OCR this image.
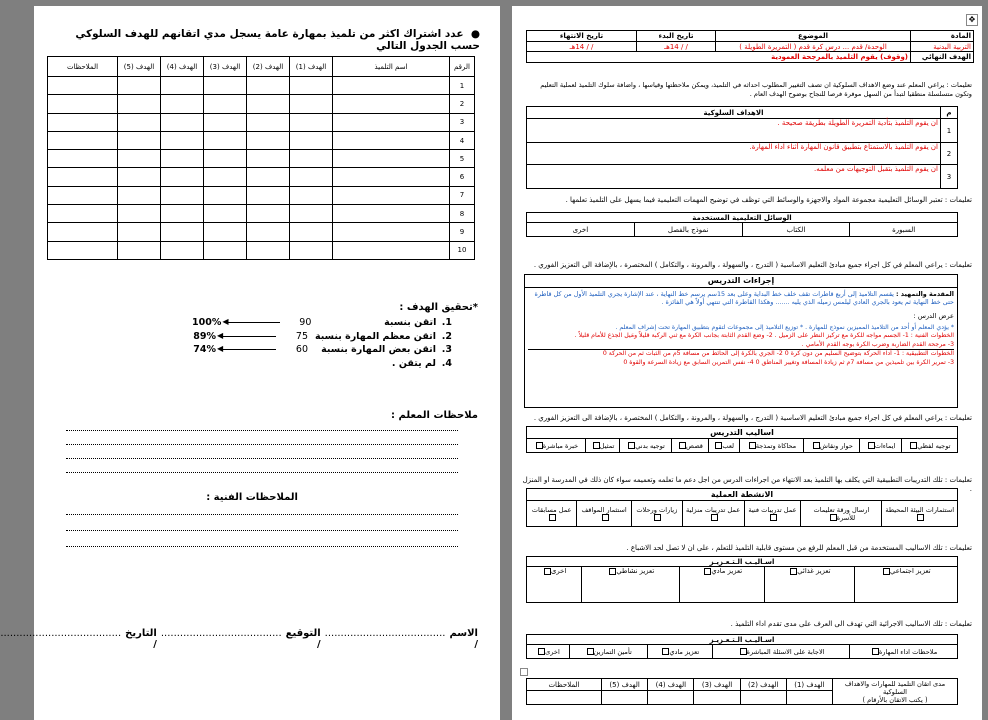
●  عدد اشتراك اكثر من تلميذ بمهارة عامة يسجل مدي اتقانهم للهدف السلوكي حسب الجدول التالي
الرقم	اسم التلميذ	الهدف (1)	الهدف (2)	الهدف (3)	الهدف (4)	الهدف (5)	الملاحظات
1							
2							
3							
4							
5							
6							
7							
8							
9							
10							
*تحقيق الهدف :
1.
اتقن بنسبة
90
◀
100%
2.
اتقن معظم المهارة بنسبة
75
◀
89%
3.
اتقن بعض المهارة بنسبة
60
◀
74%
4.
لم يتقن .
ملاحظات المعلم :
الملاحظات الفنية :
الاسم /
......................................
التوقيع /
......................................
التاريخ /
......................................
✥
المادة	الموضوع	تاريخ البدء	تاريخ الانتهاء
التربية البدنية	الوحدة/ قدم ... درس كرة قدم ( التمريرة الطويلة )	/ / 14هـ	/ / 14هـ
الهدف النهائي	(وقوف) يقوم التلميذ بالمرجحة العمودية		
تعليمات : يراعي المعلم عند وضع الاهداف السلوكية ان تصف التغيير المطلوب احداثه في التلميذ، ويمكن ملاحظتها وقياسها ، واضافة سلوك التلميذ لعملية التعليم وتكون متسلسلة منطقيا لتبدأ من السهل موفرة فرصا للنجاح بوضوح الهدف العام .
م	الاهداف السلوكية
1	ان يقوم التلميذ بتأدية التمريرة الطويلة بطريقة صحيحة .
2	ان يقوم التلميذ بالاستمتاع بتطبيق قانون المهارة أثناء اداء المهارة.
3	ان يقوم التلميذ بتقبل التوجيهات من معلمه.
تعليمات : تعتبر الوسائل التعليمية مجموعة المواد والاجهزة والوسائط التي توظف في توضيح المهمات التعليمية فيما يسهل على التلميذ تعلمها .
الوسائل التعليمية المستخدمة
السبورة	الكتاب	نموذج بالفصل	اخرى
تعليمات : يراعي المعلم في كل اجراء جميع مبادئ التعليم الاساسية ( التدرج ، والسهولة ، والمرونة ، والتكامل ) المختصرة ، بالإضافة الى التعزيز الفوري .
إجراءات التدريس
المقدمة والتمهيد : يقسم التلاميذ إلى أربع قاطرات تقف خلف خط البداية وعلى بعد 15سم يرسم خط النهاية ، عند الإشارة يجري التلميذ الأول من كل قاطرة حتى خط النهاية ثم يعود بالجري العادي ليلمس زميله الذي يليه ....... وهكذا القاطرة التي تنتهي أولاً هي الفائزة .
عرض الدرس :
* يؤدي المعلم أو أحد من التلاميذ المميزين نموذج للمهارة . * توزيع التلاميذ إلى مجموعات لتقوم بتطبيق المهارة تحت إشراف المعلم .
الخطوات الفنية : 1- الجسم مواجه للكرة مع تركيز النظر على الزميل . 2- وضع القدم الثابتة بجانب الكرة مع ثني الركبة قليلاً ومَيل الجذع للأمام قليلاً .
3- مرجحة القدم الضاربة وضرب الكرة بوجه القدم الأمامي .
الخطوات التطبيقية : 1- أداء الحركة بتوضيح السليم من دون كرة 0 2- الجري بالكرة إلى الحائط من مسافة 5م من الثبات ثم من الحركة 0
3- تمرير الكرة بين تلميذين من مسافة 7م ثم زيادة المسافة وتغيير المناطق 0 4- نفس التمرين السابق مع زيادة السرعة والقوة 0
تعليمات : يراعي المعلم في كل اجراء جميع مبادئ التعليم الاساسية ( التدرج ، والسهولة ، والمرونة ، والتكامل ) المختصرة ، بالإضافة الى التعزيز الفوري .
اساليب التدريس
توجيه لفظي	ايماءات	حوار ونقاش	محاكاة وتمذجة	لعب	قصص	توجيه بدني	تمثيل	خبرة مباشرة
تعليمات : تلك التدريبات التطبيقية التي يكلف بها التلميذ بعد الانتهاء من اجراءات الدرس من اجل دعم ما تعلمه وتعميمه سواء كان ذلك في المدرسة او المنزل .
الانشطة العملية
استثمارات البيئة المحيطة	ارسال ورقة تعليمات للأسرة	عمل تدريبات فنية	عمل تدريبات منزلية	زيارات ورحلات	استثمار المواقف	عمل مسابقات
تعليمات : تلك الاساليب المستخدمة من قبل المعلم للرفع من مستوى قابلية التلميذ للتعلم ، على ان لا تصل لحد الاشباع .
اسـاليـب الـتـعـزيـز
تعزيز اجتماعي	تعزيز غذائي	تعزيز مادي	تعزيز نشاطي	اخرى
تعليمات : تلك الاساليب الاجرائية التي تهدف الى العرف على مدى تقدم اداء التلميذ .
اسـاليـب الـتـعـزيـز
ملاحظات اداء المهارة	الاجابة على الاسئلة المباشرة	تعزيز مادي	تأمين التمارين	اخرى
مدى اتقان التلميذ للمهارات والاهداف السلوكية
( يكتب الاتقان بالأرقام )	الهدف (1)	الهدف (2)	الهدف (3)	الهدف (4)	الهدف (5)	الملاحظات
